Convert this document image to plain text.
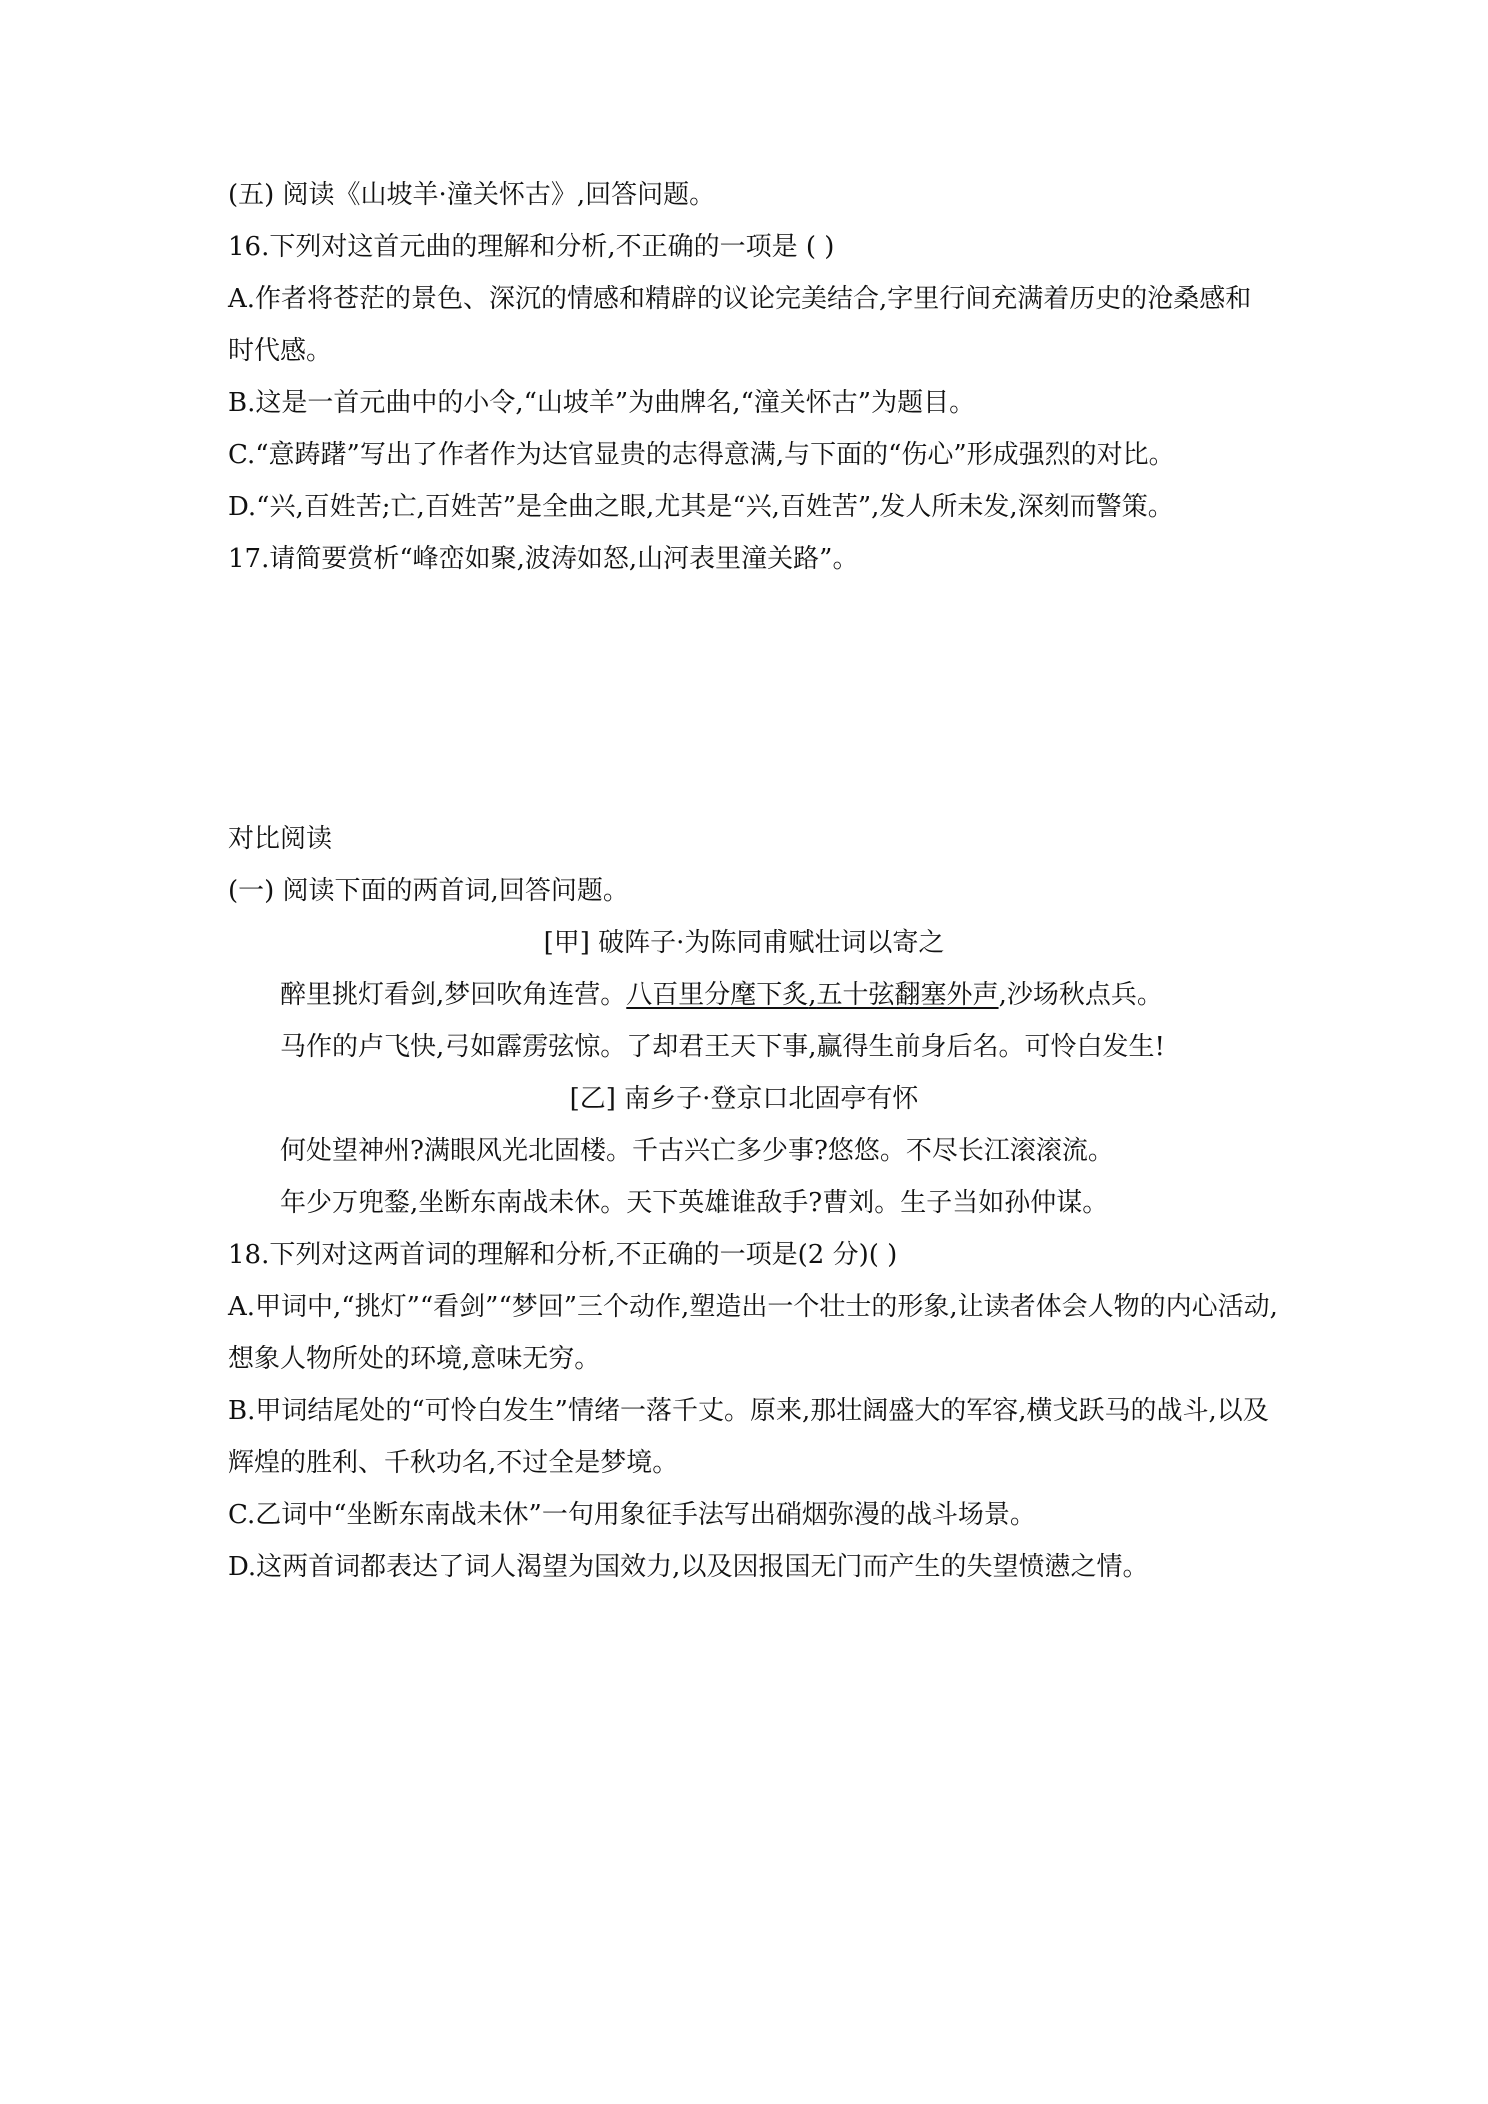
(五) 阅读《山坡羊·潼关怀古》,回答问题。
16.下列对这首元曲的理解和分析,不正确的一项是 ( )
A.作者将苍茫的景色、深沉的情感和精辟的议论完美结合,字里行间充满着历史的沧桑感和
时代感。
B.这是一首元曲中的小令,“山坡羊”为曲牌名,“潼关怀古”为题目。
C.“意踌躇”写出了作者作为达官显贵的志得意满,与下面的“伤心”形成强烈的对比。
D.“兴,百姓苦;亡,百姓苦”是全曲之眼,尤其是“兴,百姓苦”,发人所未发,深刻而警策。
17.请简要赏析“峰峦如聚,波涛如怒,山河表里潼关路”。
对比阅读
(一) 阅读下面的两首词,回答问题。
[甲] 破阵子·为陈同甫赋壮词以寄之
醉里挑灯看剑,梦回吹角连营。八百里分麾下炙,五十弦翻塞外声,沙场秋点兵。
马作的卢飞快,弓如霹雳弦惊。了却君王天下事,赢得生前身后名。可怜白发生!
[乙] 南乡子·登京口北固亭有怀
何处望神州?满眼风光北固楼。千古兴亡多少事?悠悠。不尽长江滚滚流。
年少万兜鍪,坐断东南战未休。天下英雄谁敌手?曹刘。生子当如孙仲谋。
18.下列对这两首词的理解和分析,不正确的一项是(2 分)( )
A.甲词中,“挑灯”“看剑”“梦回”三个动作,塑造出一个壮士的形象,让读者体会人物的内心活动,
想象人物所处的环境,意味无穷。
B.甲词结尾处的“可怜白发生”情绪一落千丈。原来,那壮阔盛大的军容,横戈跃马的战斗,以及
辉煌的胜利、千秋功名,不过全是梦境。
C.乙词中“坐断东南战未休”一句用象征手法写出硝烟弥漫的战斗场景。
D.这两首词都表达了词人渴望为国效力,以及因报国无门而产生的失望愤懑之情。
